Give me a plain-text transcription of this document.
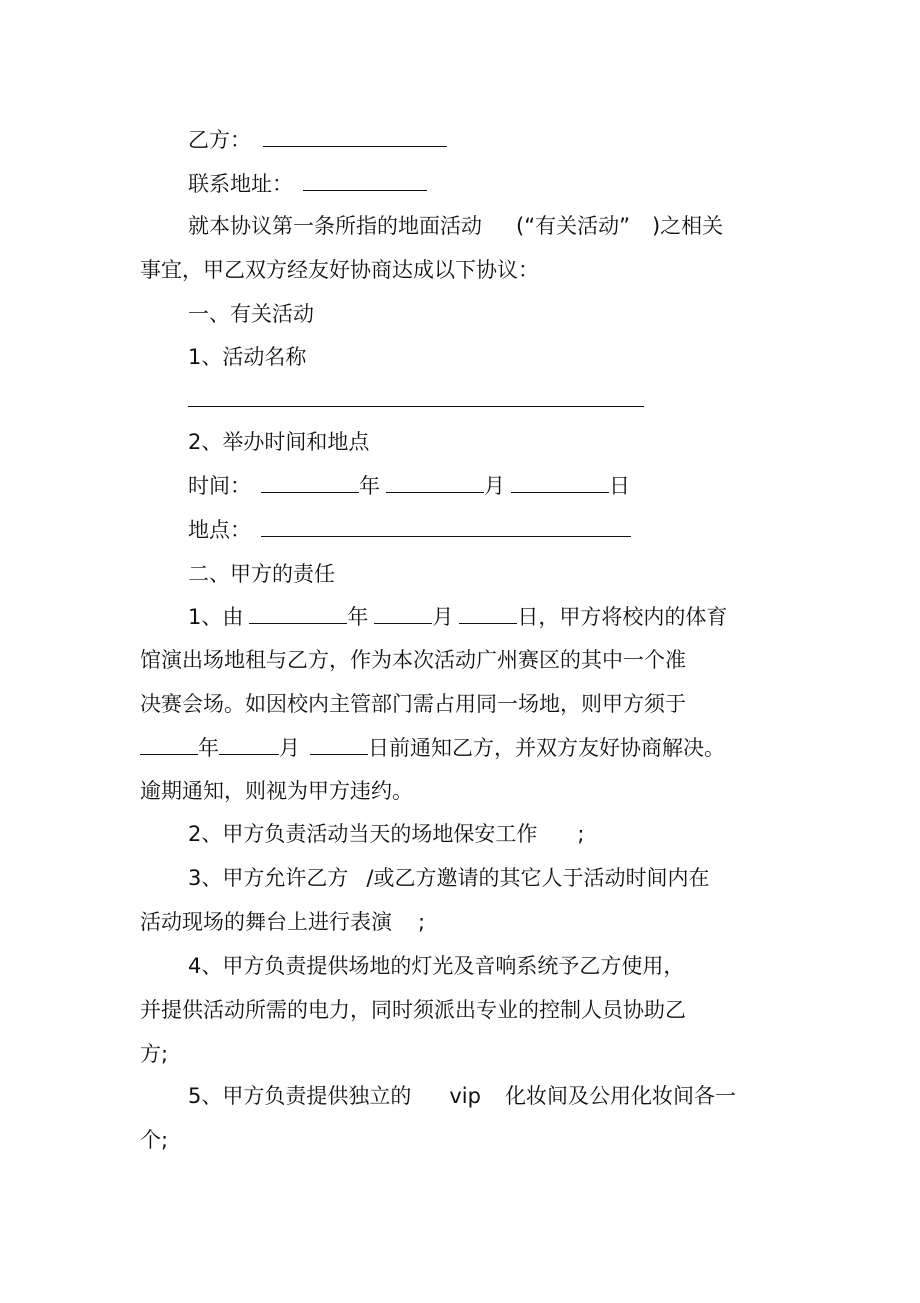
乙方：
联系地址：
就本协议第一条所指的地面活动 (“有关活动” )之相关
事宜，甲乙双方经友好协商达成以下协议：
一、有关活动
1、活动名称
2、举办时间和地点
时间：	年	月	日
地点：
二、甲方的责任
1、由	年	月	日，甲方将校内的体育
馆演出场地租与乙方，作为本次活动广州赛区的其中一个准
决赛会场。如因校内主管部门需占用同一场地，则甲方须于
年	月	日前通知乙方，并双方友好协商解决。
逾期通知，则视为甲方违约。
2、甲方负责活动当天的场地保安工作 ;
3、甲方允许乙方 /或乙方邀请的其它人于活动时间内在
活动现场的舞台上进行表演 ;
4、甲方负责提供场地的灯光及音响系统予乙方使用，
并提供活动所需的电力，同时须派出专业的控制人员协助乙
方;
5、甲方负责提供独立的 vip 化妆间及公用化妆间各一
个;
